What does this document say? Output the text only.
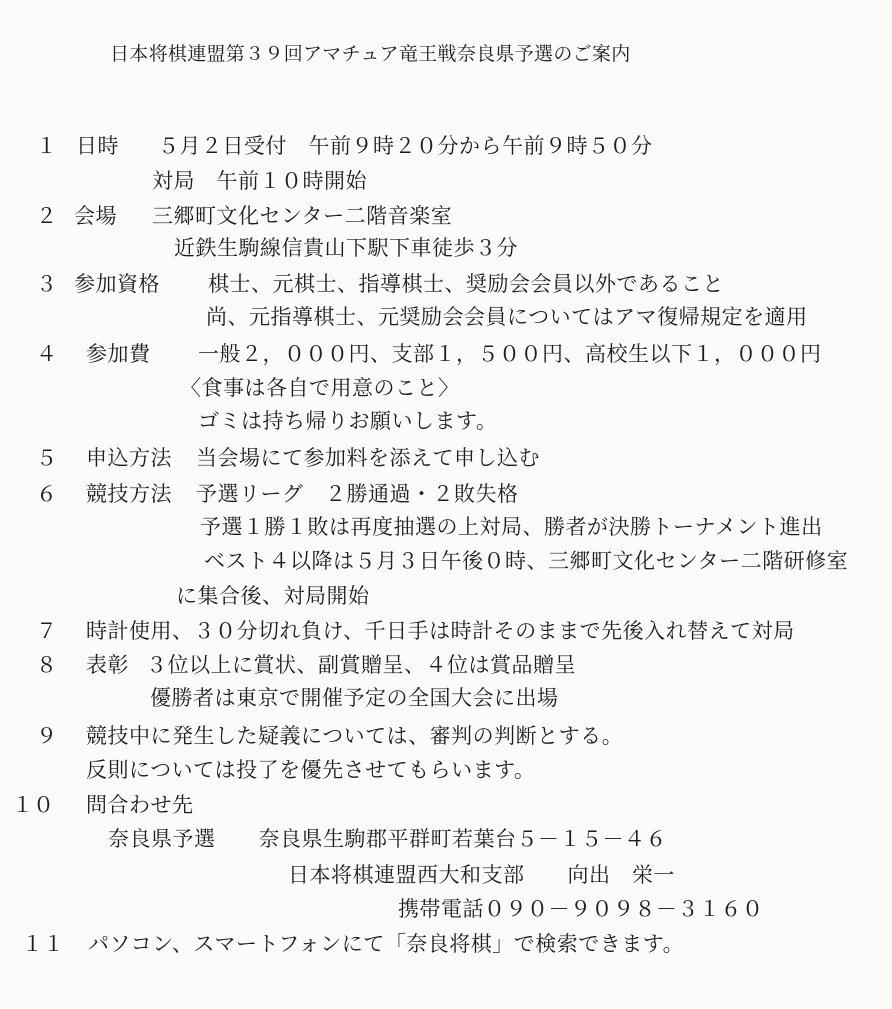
日本将棋連盟第３９回アマチュア竜王戦奈良県予選のご案内
１ 日時 ５月２日受付　午前９時２０分から午前９時５０分
対局　午前１０時開始
２ 会場 三郷町文化センター二階音楽室
近鉄生駒線信貴山下駅下車徒歩３分
３ 参加資格 棋士、元棋士、指導棋士、奨励会会員以外であること
尚、元指導棋士、元奨励会会員についてはアマ復帰規定を適用
４ 参加費 一般２，０００円、支部１，５００円、高校生以下１，０００円
〈食事は各自で用意のこと〉
ゴミは持ち帰りお願いします。
５ 申込方法 当会場にて参加料を添えて申し込む
６ 競技方法 予選リーグ　２勝通過・２敗失格
予選１勝１敗は再度抽選の上対局、勝者が決勝トーナメント進出
ベスト４以降は５月３日午後０時、三郷町文化センター二階研修室
に集合後、対局開始
７ 時計使用、３０分切れ負け、千日手は時計そのままで先後入れ替えて対局
８ 表彰 ３位以上に賞状、副賞贈呈、４位は賞品贈呈
優勝者は東京で開催予定の全国大会に出場
９ 競技中に発生した疑義については、審判の判断とする。
反則については投了を優先させてもらいます。
１０ 問合わせ先
奈良県予選　　奈良県生駒郡平群町若葉台５－１５－４６
日本将棋連盟西大和支部　　向出　栄一
携帯電話０９０－９０９８－３１６０
１１ パソコン、スマートフォンにて「奈良将棋」で検索できます。
